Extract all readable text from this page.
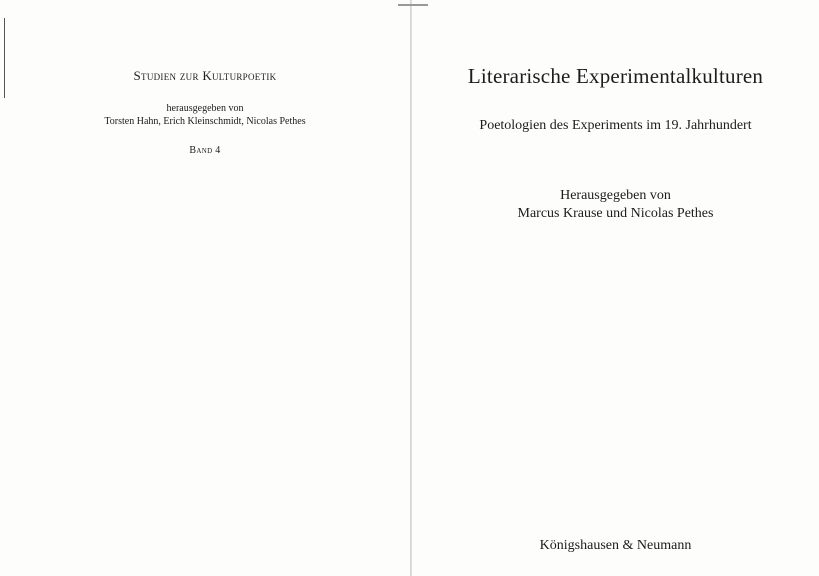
Studien zur Kulturpoetik
herausgegeben von
Torsten Hahn, Erich Kleinschmidt, Nicolas Pethes
Band 4
Literarische Experimentalkulturen
Poetologien des Experiments im 19. Jahrhundert
Herausgegeben von
Marcus Krause und Nicolas Pethes
Königshausen & Neumann
